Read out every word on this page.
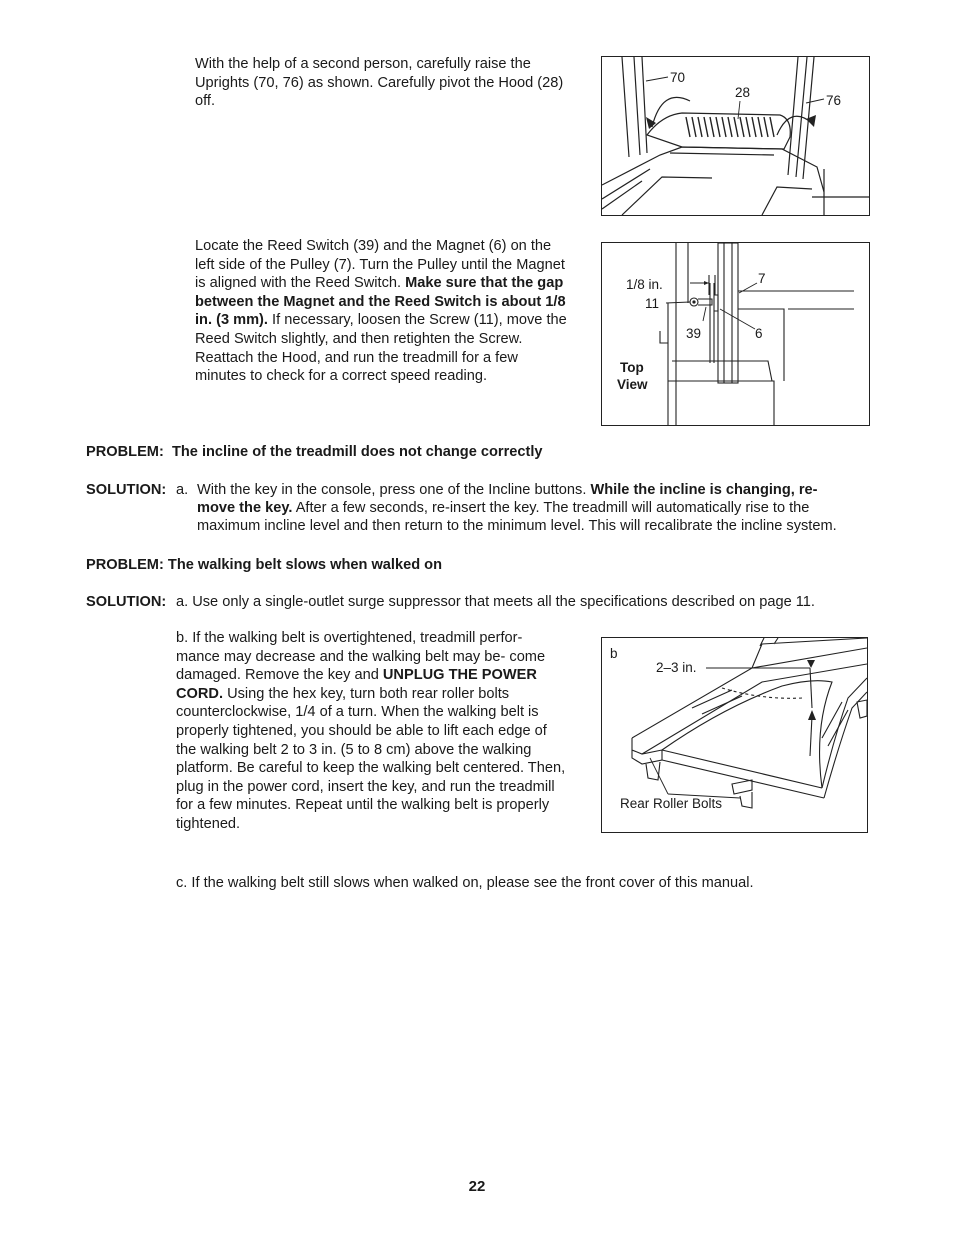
With the help of a second person, carefully raise the Uprights (70, 76) as shown. Carefully pivot the Hood (28) off.
70
28
76
Locate the Reed Switch (39) and the Magnet (6) on the left side of the Pulley (7). Turn the Pulley until the Magnet is aligned with the Reed Switch. Make sure that the gap between the Magnet and the Reed Switch is about 1/8 in. (3 mm). If necessary, loosen the Screw (11), move the Reed Switch slightly, and then retighten the Screw. Reattach the Hood, and run the treadmill for a few minutes to check for a correct speed reading.
1/8 in.	7
11
39	6
Top
View
PROBLEM: The incline of the treadmill does not change correctly
SOLUTION: a. With the key in the console, press one of the Incline buttons. While the incline is changing, re-
move the key. After a few seconds, re-insert the key. The treadmill will automatically rise to the
maximum incline level and then return to the minimum level. This will recalibrate the incline system.
PROBLEM: The walking belt slows when walked on
SOLUTION: a. Use only a single-outlet surge suppressor that meets all the specifications described on page 11.
b. If the walking belt is overtightened, treadmill perfor- mance may decrease and the walking belt may be- come damaged. Remove the key and UNPLUG THE POWER CORD. Using the hex key, turn both rear roller bolts counterclockwise, 1/4 of a turn. When the walking belt is properly tightened, you should be able to lift each edge of the walking belt 2 to 3 in. (5 to 8 cm) above the walking platform. Be careful to keep the walking belt centered. Then, plug in the power cord, insert the key, and run the treadmill for a few minutes. Repeat until the walking belt is properly tightened.
b
2–3 in.
Rear Roller Bolts
c. If the walking belt still slows when walked on, please see the front cover of this manual.
22
